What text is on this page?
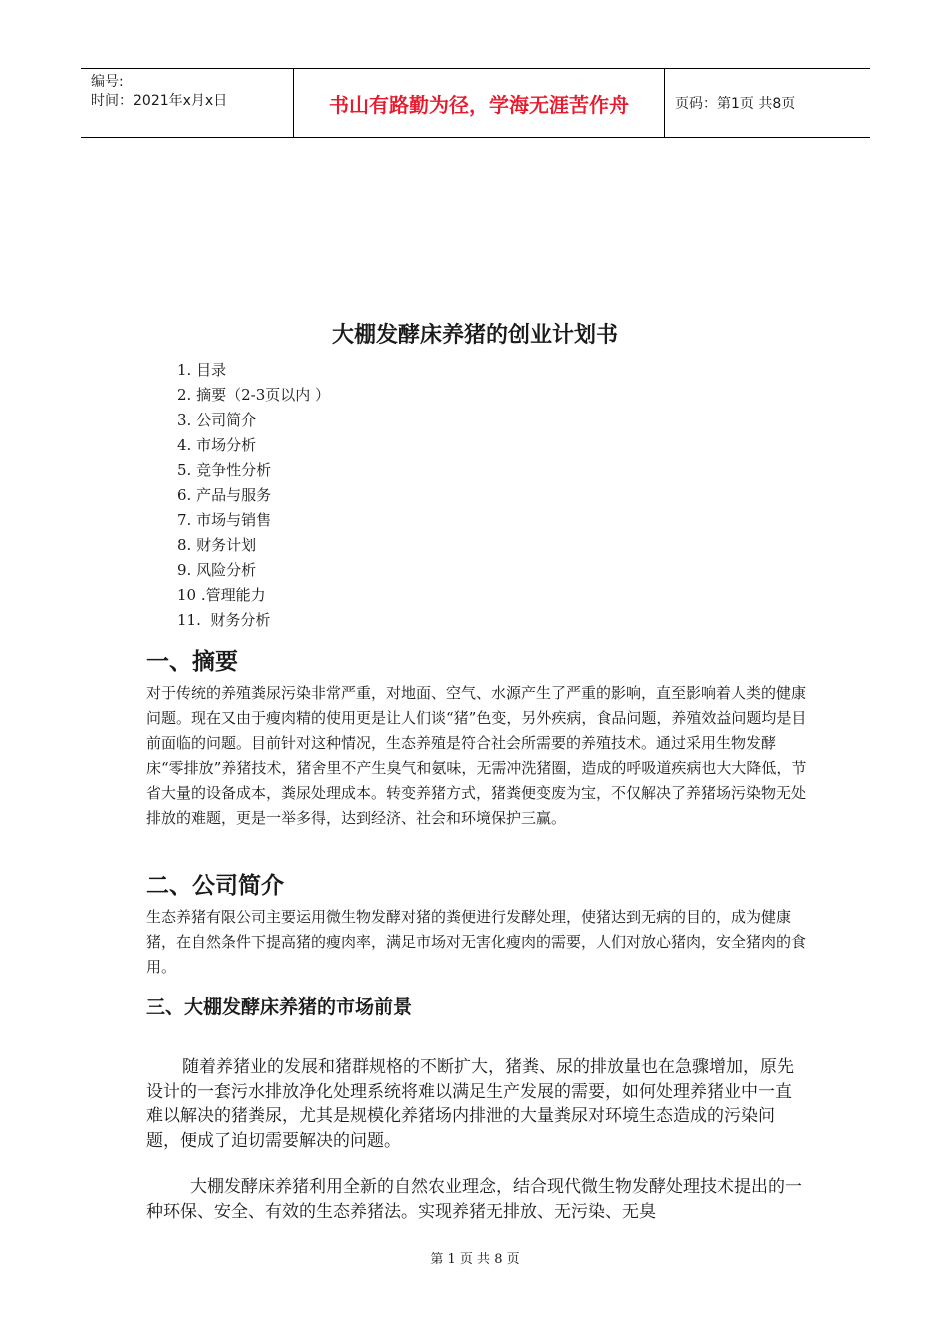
编号:
时间：2021年x月x日	书山有路勤为径，学海无涯苦作舟	页码：第1页 共8页
大棚发酵床养猪的创业计划书
1. 目录
2. 摘要（2-3页以内 ）
3. 公司简介
4. 市场分析
5. 竞争性分析
6. 产品与服务
7. 市场与销售
8. 财务计划
9. 风险分析
10 .管理能力
11.  财务分析
一、摘要

对于传统的养殖粪尿污染非常严重，对地面、空气、水源产生了严重的影响，直至影响着人类的健康问题。现在又由于瘦肉精的使用更是让人们谈“猪”色变，另外疾病，食品问题，养殖效益问题均是目前面临的问题。目前针对这种情况，生态养殖是符合社会所需要的养殖技术。通过采用生物发酵床“零排放”养猪技术，猪舍里不产生臭气和氨味，无需冲洗猪圈，造成的呼吸道疾病也大大降低，节省大量的设备成本，粪尿处理成本。转变养猪方式，猪粪便变废为宝，不仅解决了养猪场污染物无处排放的难题，更是一举多得，达到经济、社会和环境保护三赢。

二、公司简介

生态养猪有限公司主要运用微生物发酵对猪的粪便进行发酵处理，使猪达到无病的目的，成为健康猪，在自然条件下提高猪的瘦肉率，满足市场对无害化瘦肉的需要，人们对放心猪肉，安全猪肉的食用。

三、大棚发酵床养猪的市场前景

随着养猪业的发展和猪群规格的不断扩大，猪粪、尿的排放量也在急骤增加，原先设计的一套污水排放净化处理系统将难以满足生产发展的需要，如何处理养猪业中一直难以解决的猪粪尿，尤其是规模化养猪场内排泄的大量粪尿对环境生态造成的污染问题，便成了迫切需要解决的问题。

大棚发酵床养猪利用全新的自然农业理念，结合现代微生物发酵处理技术提出的一种环保、安全、有效的生态养猪法。实现养猪无排放、无污染、无臭

第 1 页 共 8 页
